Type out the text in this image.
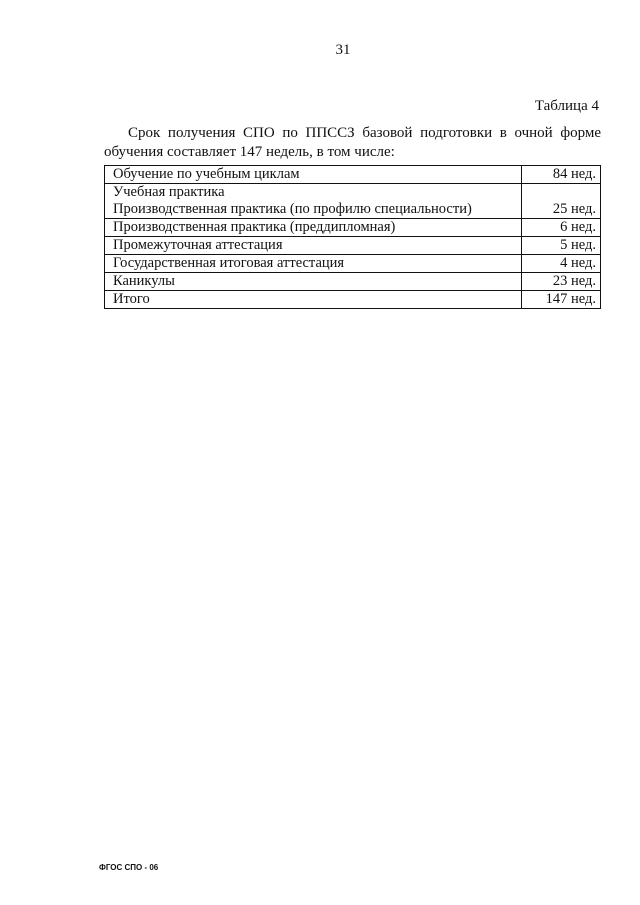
31
Таблица 4
Срок получения СПО по ППССЗ базовой подготовки в очной форме
обучения составляет 147 недель, в том числе:
Обучение по учебным циклам	84 нед.

Учебная практика
Производственная практика (по профилю специальности)	25 нед.
Производственная практика (преддипломная)	6 нед.
Промежуточная аттестация	5 нед.
Государственная итоговая аттестация	4 нед.
Каникулы	23 нед.
Итого	147 нед.
ФГОС СПО - 06
